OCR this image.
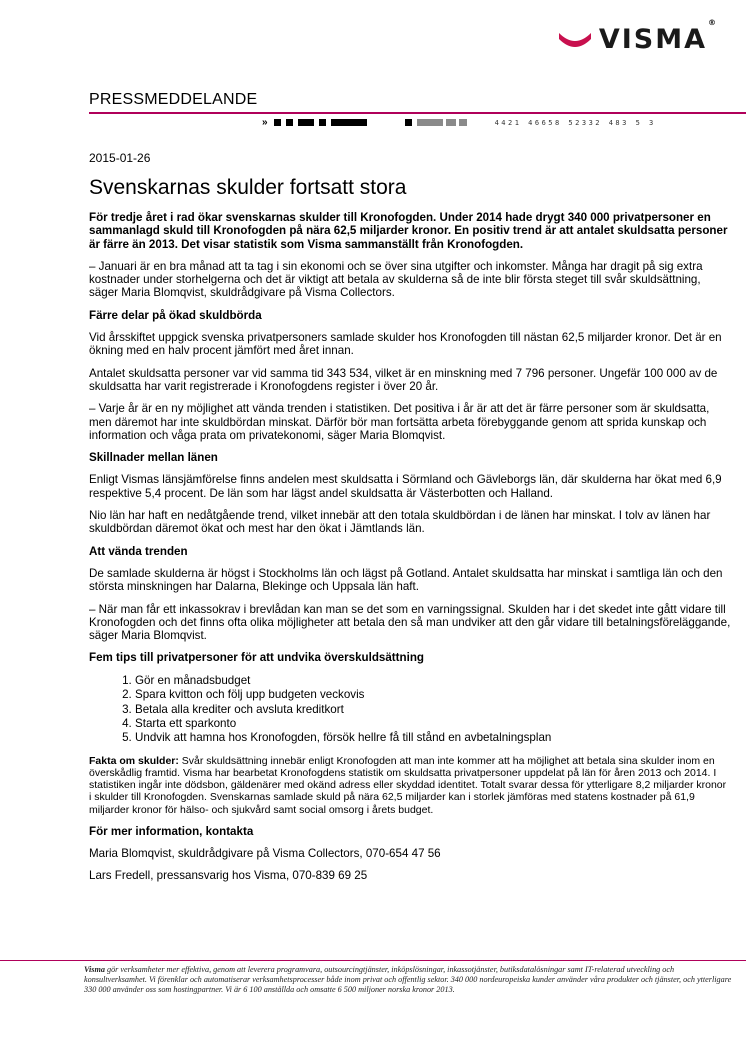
VISMA®
PRESSMEDDELANDE
»	4421 46658 52332 483 5 3
2015-01-26
Svenskarnas skulder fortsatt stora

För tredje året i rad ökar svenskarnas skulder till Kronofogden. Under 2014 hade drygt 340 000 privatpersoner en sammanlagd skuld till Kronofogden på nära 62,5 miljarder kronor. En positiv trend är att antalet skuldsatta personer är färre än 2013. Det visar statistik som Visma sammanställt från Kronofogden.

– Januari är en bra månad att ta tag i sin ekonomi och se över sina utgifter och inkomster. Många har dragit på sig extra kostnader under storhelgerna och det är viktigt att betala av skulderna så de inte blir första steget till svår skuldsättning, säger Maria Blomqvist, skuldrådgivare på Visma Collectors.

Färre delar på ökad skuldbörda

Vid årsskiftet uppgick svenska privatpersoners samlade skulder hos Kronofogden till nästan 62,5 miljarder kronor. Det är en ökning med en halv procent jämfört med året innan.

Antalet skuldsatta personer var vid samma tid 343 534, vilket är en minskning med 7 796 personer. Ungefär 100 000 av de skuldsatta har varit registrerade i Kronofogdens register i över 20 år.

– Varje år är en ny möjlighet att vända trenden i statistiken. Det positiva i år är att det är färre personer som är skuldsatta, men däremot har inte skuldbördan minskat. Därför bör man fortsätta arbeta förebyggande genom att sprida kunskap och information och våga prata om privatekonomi, säger Maria Blomqvist.

Skillnader mellan länen

Enligt Vismas länsjämförelse finns andelen mest skuldsatta i Sörmland och Gävleborgs län, där skulderna har ökat med 6,9 respektive 5,4 procent. De län som har lägst andel skuldsatta är Västerbotten och Halland.

Nio län har haft en nedåtgående trend, vilket innebär att den totala skuldbördan i de länen har minskat. I tolv av länen har skuldbördan däremot ökat och mest har den ökat i Jämtlands län.

Att vända trenden

De samlade skulderna är högst i Stockholms län och lägst på Gotland. Antalet skuldsatta har minskat i samtliga län och den största minskningen har Dalarna, Blekinge och Uppsala län haft.

– När man får ett inkassokrav i brevlådan kan man se det som en varningssignal. Skulden har i det skedet inte gått vidare till Kronofogden och det finns ofta olika möjligheter att betala den så man undviker att den går vidare till betalningsföreläggande, säger Maria Blomqvist.

Fem tips till privatpersoner för att undvika överskuldsättning

1. Gör en månadsbudget
2. Spara kvitton och följ upp budgeten veckovis
3. Betala alla krediter och avsluta kreditkort
4. Starta ett sparkonto
5. Undvik att hamna hos Kronofogden, försök hellre få till stånd en avbetalningsplan

Fakta om skulder: Svår skuldsättning innebär enligt Kronofogden att man inte kommer att ha möjlighet att betala sina skulder inom en överskådlig framtid. Visma har bearbetat Kronofogdens statistik om skuldsatta privatpersoner uppdelat på län för åren 2013 och 2014. I statistiken ingår inte dödsbon, gäldenärer med okänd adress eller skyddad identitet. Totalt svarar dessa för ytterligare 8,2 miljarder kronor i skulder till Kronofogden. Svenskarnas samlade skuld på nära 62,5 miljarder kan i storlek jämföras med statens kostnader på 61,9 miljarder kronor för hälso- och sjukvård samt social omsorg i årets budget.

För mer information, kontakta

Maria Blomqvist, skuldrådgivare på Visma Collectors, 070-654 47 56

Lars Fredell, pressansvarig hos Visma, 070-839 69 25

Visma gör verksamheter mer effektiva, genom att leverera programvara, outsourcingtjänster, inköpslösningar, inkassotjänster, butiksdatalösningar samt IT-relaterad utveckling och konsultverksamhet. Vi förenklar och automatiserar verksamhetsprocesser både inom privat och offentlig sektor. 340 000 nordeuropeiska kunder använder våra produkter och tjänster, och ytterligare 330 000 använder oss som hostingpartner. Vi är 6 100 anställda och omsatte 6 500 miljoner norska kronor 2013.
